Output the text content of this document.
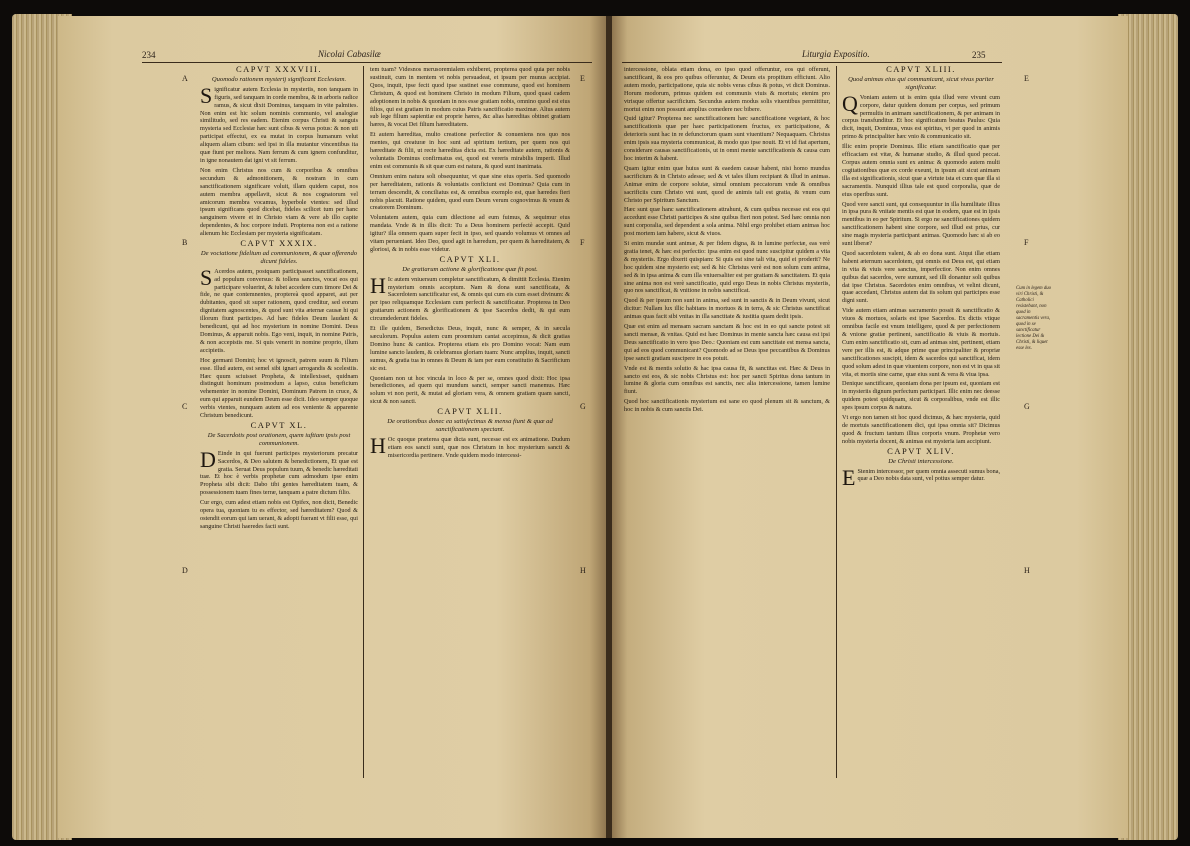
234	Nicolai Cabasilæ
A
B
C
D
E
F
G
H

CAPVT XXXVIII.

Quomodo rationem mysterij significant Ecclesiam.

Significatur autem Ecclesia in mysteriis, non tanquam in figuris, sed tanquam in corde membra, & in arboris radice ramus, & sicut dixit Dominus, tanquam in vite palmites. Non enim est hic solum nominis communio, vel analogiæ similitudo, sed res eadem. Etenim corpus Christi & sanguis mysteria sed Ecclesiæ hæc sunt cibus & verus potus: & non uti participat effectui, ex ea mutat in corpus humanum velut aliquem aliam cibum: sed ipsi in illa mutantur vincentibus ita quæ fiunt per meliora. Nam ferrum & cum ignem confunditur, in igne nonautem dat igni vt sit ferrum.

Non enim Christus nos cum & corporibus & omnibus secundum & admonitionem, & nostram in cum sanctificationem significare voluit, illam quidem caput, nos autem membra appellavit, sicut & nos cognatorum vel amicorum membra vocamus, hyperbole vtentes: sed illud ipsum significans quod dicebat, fideles scilicet tum per hanc sanguinem vivere et in Christo viam & vere ab illo capite dependentes, & hoc corpore induti. Propterea non est a ratione alienum hic Ecclesiam per mysteria significatam.

CAPVT XXXIX.

De vociatione fidelium ad communionem, & quæ offerendo dicunt fideles.

S Acerdos autem, postquam participasset sanctificationem, ad populum conversus: & tollens sanctos, vocat eos qui participare voluerint, & iubet accedere cum timore Dei & fide, ne quæ contemnentes, proptereà quod apparet, aut per dubitantes, quod sit super rationem, quod creditur, sed eorum dignitatem agnoscentes, & quod sunt vita æternæ causæ hi qui illorum fiunt participes. Ad hæc fideles Deum laudant & benedicunt, qui ad hoc mysterium in nomine Domini. Deus Dominus, & apparuit nobis. Ego veni, inquit, in nomine Patris, & non accepistis me. Si quis venerit in nomine proprio, illum accipietis.

Hoc germani Domini; hoc vt ignoscit, patrem suum & Filium esse. Illud autem, est semel sibi ignari arrogandis & scelestiis. Hæc quum sciuisset Propheta, & intellexisset, quidnam distinguit hominum postmodum a lapso, cuius beneficium vehementer in nomine Domini, Dominum Patrem in cruce, & eum qui apparuit eundem Deum esse dicit. Ideo semper quoque verbis vtentes, nunquam autem ad eos veniente & apparente Christum benedicunt.

CAPVT XL.

De Sacerdotis post orationem, quem iuftiam ipsis post communionem.

D Einde in qui fuerunt participes mysteriorum precatur Sacerdos, & Deo salutem & benedictionem, Et quæ est gratia. Seruat Deus populum tuum, & benedic hæreditati tuæ. Et hoc è verbis prophetæ cum admodum ipse enim Propheta sibi dicit: Dabo tibi gentes hæreditatem tuam, & possessionem tuam fines terræ, tanquam a patre dictum filio.

Cur ergo, cum adest etiam nobis est Opifex, non dicit, Benedic opera tua, quoniam tu es effector, sed hæreditatem? Quod & ostendit eorum qui iam uerant, & adopti fuerant vt filii esse, qui sanguine Christi haeredes facti sunt.

tem tuam? Videsnos merusoremialem exhiberet, propterea quod quia per nobis sustinuit, cum in mentem vt nobis persuadeat, et ipsum per munus accipiat. Quos, inquit, ipse fecit quod ipse sustinet esse commune, quod est hominem Christum, & quod est hominem Christo in modum Filium, quod quasi cadem adoptionem in nobis & quoniam in nos esse gratiam nobis, omnino quod est eius filios, qui est gratiam in modum cuius Patris sanctificatio maximæ. Alius autem sub lege filium sapientiæ est proprie hæres, &c alias hæreditas obtinet gratiam hæres, & vocat Dei filium hæreditatem.

Et autem hæreditas, multo creatione perfectior & conueniens nos quo nos mentes, qui creaturæ in hoc sunt ad spiritum tertium, per quem nos qui hæreditate & filii, ut recte hæreditas dicta est. Ex hæreditate autem, rationis & voluntatis Dominus confirmatus est, quod est vereris mirabilis imperii. Illud enim est communis & sit quæ cum est natura, & quod sunt inanimata.

Omnium enim natura soli obsequuntur, vt quæ sine eius operis. Sed quomodo per hæreditatem, rationis & voluntatis conficiunt est Dominus? Quia cum in terram descendit, & conciliatus est, & omnibus exemplo est, quæ hæredes fieri nobis placuit. Ratione quidem, quod eum Deum verum cognovimus & vnum & creatorem Dominum.

Voluntatem autem, quia cum dilectione ad eum fuimus, & sequimur eius mandata. Vnde & in illis dicit: Tu a Deus hominem perfectè accepit. Quid igitur? illa omnem quam super fecit in ipso, sed quando volumus vt omnes ad vitam perueniant. Ideo Deo, quod agit in hæredum, per quem & hæreditatem, & gloriosi, & in nobis esse videtur.

CAPVT XLI.

De gratiarum actione & glorificatione quæ fit post.

H Ic autem vniuersum completur sanctificatum, & dimittit Ecclesia. Etenim mysterium omnis acceptum. Nam & dona sunt sanctificata, & Sacerdotem sanctificatur est, & omnis qui cum eis cum esset divinum: & per ipso reliquamque Ecclesiam cum perfecit & sanctificatur. Propterea in Deo gratiarum actionem & glorificationem & ipse Sacerdos dedit, & qui eum circumdederunt fideles.

Et ille quidem, Benedictus Deus, inquit, nunc & semper, & in sæcula sæculorum. Populus autem cum proœmium cantat accepimus, & dicit gratias Domino hunc & cantica. Propterea etiam eis pro Domino vocat: Nam eum lumine sancto laudem, & celebramus gloriam tuam: Nunc amplius, inquit, sancti sumus, & gratia tua in omnes & Deum & iam per eum constitutio & Sacrificium sic est.

Quoniam non ut hoc vincula in loco & per se, omnes quod dixit: Hoc ipsa benedictiones, ad quem qui mundum sancti, semper sancti manemus. Hæc solum vt non perit, & mutat ad gloriam vera, & omnem gratiam quam sancti, sicut & non sancti.

CAPVT XLII.

De orationibus donec ea satisfecimus & mensa fiunt & quæ ad sanctificationem spectant.

H Oc quoque præterea quæ dicta sunt, necesse est ex animatione. Dudum etiam eos sancti sunt, quæ nos Christum in hoc mysterium sancti & misericordia pertinere. Vnde quidem modo intercessi-

Liturgia Expositio.	235
E
F
G
H
Cum in legem duo viri Christi, & Catholici resistebant, non quod in sacramentis vera, quod in se sanctificatur lectione Dei & Christi, & liquet esse lex.

intercessione, oblata etiam dona, eo ipso quod offeruntur, eos qui offerunt, sanctificant, & eos pro quibus offeruntur, & Deum eis propitium efficiunt. Alio autem modo, participatione, quia sic nobis veras cibus & potus, vt dicit Dominus. Horum modorum, primus quidem est communis viuis & mortuis; etenim pro vtrisque offertur sacrificium. Secundus autem modus solis viuentibus permittitur, mortui enim non possunt amplius comedere nec bibere.

Quid igitur? Propterea nec sanctificationem hæc sanctificatione vegetant, & hoc sanctificationis quæ per haec participationem fructus, ex participatione, & deterioris sunt hac in re defunctorum quam sunt viuentium? Nequaquam. Christus enim ipsis sua mysteria communicat, & modo quo ipse nouit. Et vt id fiat apertum, considerare causas sanctificationis, ut in omni mente sanctificationis & causa cum hoc interim & habent.

Quam igitur enim quæ huius sunt & eaedem causæ habent, nisi homo mundus sacrificium & in Christo adesse; sed & vt tales illum recipiant & illud in animas. Animæ enim de corpore solutæ, simul omnium peccatorum vnde & omnibus sacrificiis cum Christo vni sunt, quod de animis tali est gratia, & vnum cum Christo per Spiritum Sanctum.

Hæc sunt quæ hanc sanctificationem attrahunt, & cum quibus necesse est eos qui accedunt esse Christi participes & sine quibus fieri non potest. Sed hæc omnia non sunt corporalia, sed dependent a sola anima. Nihil ergo prohibet etiam animas hoc post mortem iam habere, sicut & viuos.

Si enim mundæ sunt animæ, & per fidem digna, & in lumine perfectæ, eas verè gratia tenet, & hæc est perfectio: ipsa enim est quod nunc suscipitur quidem a vita & mysteriis. Ergo dixerit quispiam: Si quis est sine tali vita, quid ei proderit? Ne hoc quidem sine mysterio est; sed & hic Christus verè est non solum cum anima, sed & in ipsa anima & cum illa vniuersaliter est per gratiam & sanctitatem. Et quia sine anima non est verè sanctificatio, quid ergo Deus in nobis Christus mysteriis, quo nos sanctificat, & vnitione in nobis sanctificat.

Quod & per ipsum non sunt in anima, sed sunt in sanctis & in Deum vivunt, sicut dicitur: Nullam lux illic habitans in mortuos & in terra, & sic Christus sanctificat animas quas facit sibi vnitas in illa sanctitate & iustitia quam dedit ipsis.

Quæ est enim ad mensam sacram sanctam & hoc est in eo qui sancte potest sit sancti mensæ, & vnitas. Quid est hæc Dominus in mente sancta hæc causa est ipsi Deus sanctificatio in vero ipso Deo.: Quoniam est cum sanctitate est mensa sancta, qui ad eos quod communicant? Quomodo ad se Deus ipse peccantibus & Dominus ipse sancti gratiam suscipere in eos potuit.

Vnde est & mentis solutio & hac ipsa causa fit, & sanctitas est. Hæc & Deus in sancto est eos, & sic nobis Christus est: hoc per sancti Spiritus dona tantum in lumine & gloria cum omnibus est sanctis, nec alia intercessione, tamen lumine fiunt.

Quod hoc sanctificationis mysterium est sane eo quod plenum sit & sanctum, & hoc in nobis & cum sanctis Dei.

CAPVT XLIII.

Quod animas eius qui communicant, sicut vivus pariter significatur.

Q Voniam autem ut is enim quia illud vere vivunt cum corpore, datur quidem donum per corpus, sed primum permultis in animam sanctificationem, & per animam in corpus transfunditur. Et hoc significatum beatus Paulus: Quia dicit, inquit, Dominus, vnus est spiritus, vt per quod in animis primo & principaliter hæc vnio & communicatio sit.

Illic enim proprie Dominus. Illic etiam sanctificatio quæ per efficaciam est vitæ, & humanæ studio, & illud quod peccat. Corpus autem omnia sunt ex anima: & quomodo autem multi cogitationibus quæ ex corde exeunt, in ipsum ait sicut animam illa est significationis, sicut quæ a virtute ista et cum quæ illa si sacramentis. Nunquid illius tale est quod corporalia, quæ de eius operibus sunt.

Quod vere sancti sunt, qui consequuntur in illa humilitate illius in ipsa pura & vnitate mentis est quæ in eodem, quæ est in ipsis mentibus in eo per Spiritum. Si ergo ne sanctificationes quidem sanctificationem habent sine corpore, sed illud est prius, cur sine magis mysteria participant animas. Quomodo hæc si ab eo sunt liberæ?

Quod sacerdotem valent, & ab eo dona sunt. Atqui illæ etiam habent æternum sacerdotem, qui omnis est Deus est, qui etiam in vita & viuis vere sanctus, imperfectior. Non enim omnes quibus dat sacerdos, vere sumunt, sed illi donantur soli quibus dat ipse Christus. Sacerdotes enim omnibus, vt velint dicunt, quae accedant, Christus autem dat iis solum qui participes esse digni sunt.

Vide autem etiam animas sacramento possit & sanctificatio & viuos & mortuos, solaris est ipse Sacerdos. Ex dictis vtique omnibus facile est vnum intelligere, quod & per perfectionem & vnione gratiæ pertinent, sanctificatio & viuis & mortuis. Cum enim sanctificatio sit, cum ad animas sint, pertinent, etiam vere per illis est, & adque prime quæ principaliter & propriæ sanctificationes suscipit, idem & sacerdos qui sanctificat, idem quod solum adest in quæ viuentem corpore, non est vt in qua sit vita, et mortis sine carne, quæ eius sunt & vera & viua ipsa.

Denique sanctificare, quoniam dona per ipsum est, quoniam est in mysteriis dignum perfectum participari. Illic enim nec deesse quidem potest quidquam, sicut & corporalibus, vnde est illic spes ipsum corpus & natura.

Vt ergo non tamen sit hoc quod dicimus, & hæc mysteria, quid de mortuis sanctificationem dici, qui ipsa omnia sit? Dicimus quod & fructum tantum illius corporis vnum. Prophetæ vero nobis mysteria docent, & animas est mysteria iam accipiunt.

CAPVT XLIV.

De Christi intercessione.

E Stenim intercessor, per quem omnia assecuti sumus bona, quæ a Deo nobis data sunt, vel potius semper datur.
